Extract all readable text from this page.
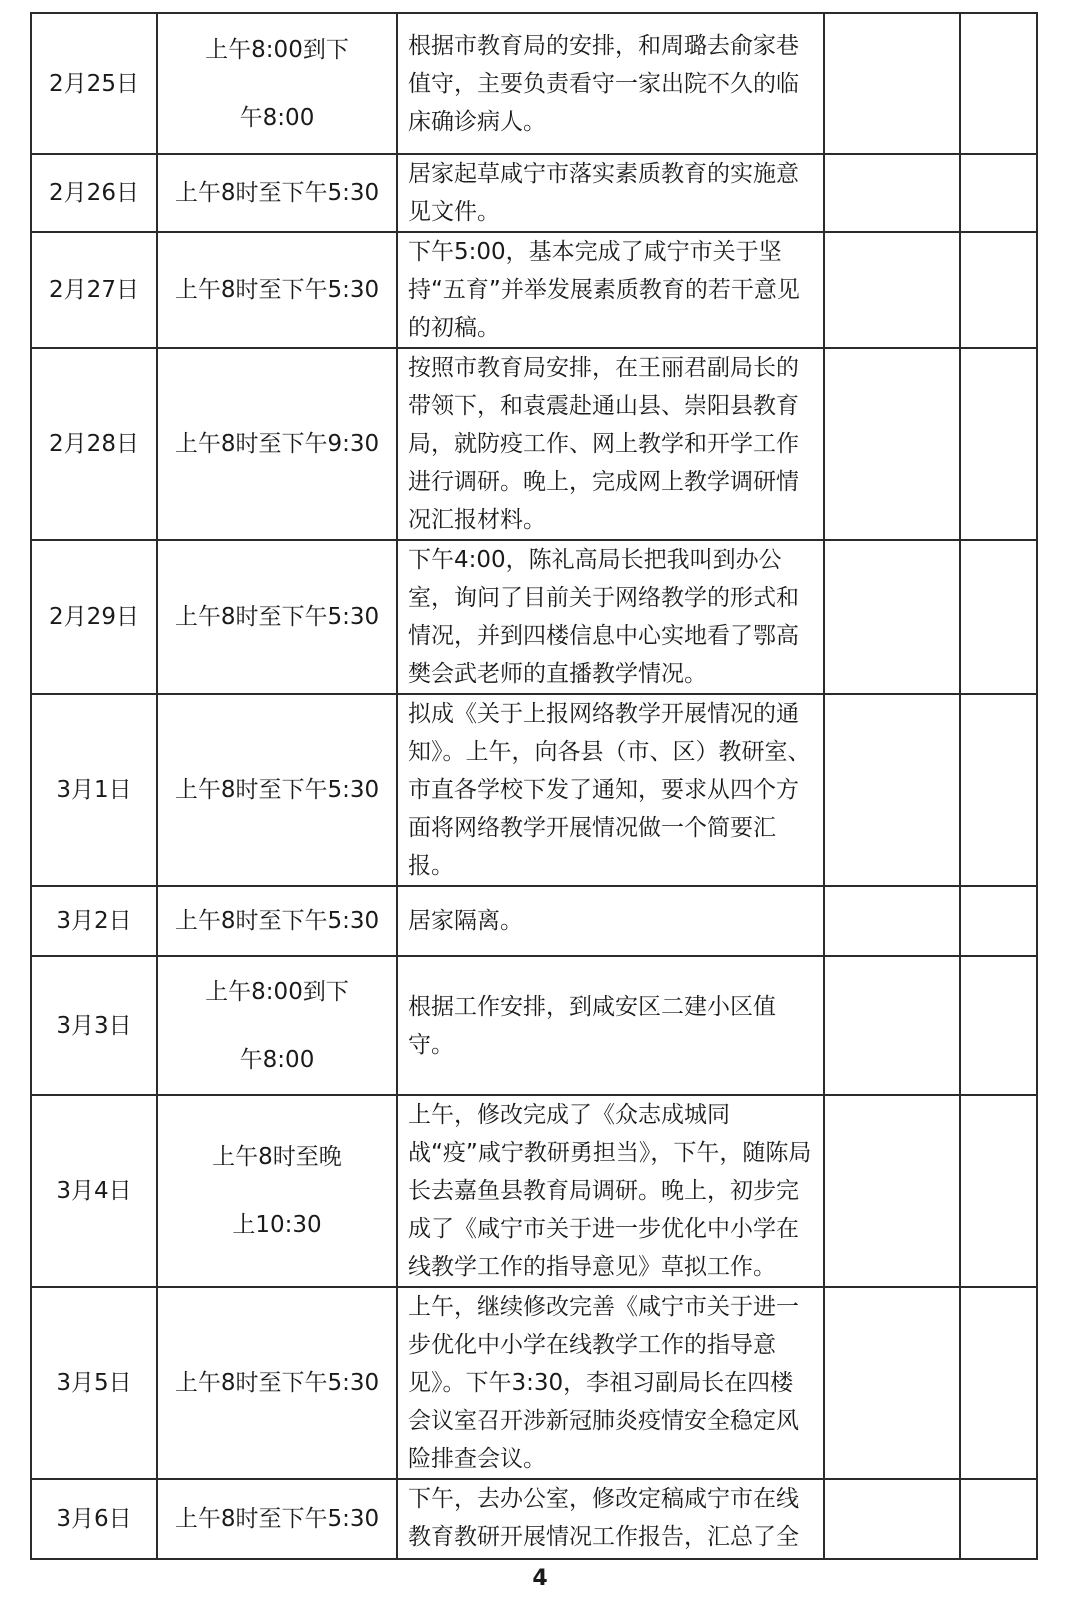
2月25日	上午8:00到下午8:00	根据市教育局的安排，和周璐去俞家巷值守，主要负责看守一家出院不久的临床确诊病人。		
2月26日	上午8时至下午5:30	居家起草咸宁市落实素质教育的实施意见文件。		
2月27日	上午8时至下午5:30	下午5:00，基本完成了咸宁市关于坚持“五育”并举发展素质教育的若干意见的初稿。		
2月28日	上午8时至下午9:30	按照市教育局安排，在王丽君副局长的带领下，和袁震赴通山县、崇阳县教育局，就防疫工作、网上教学和开学工作进行调研。晚上，完成网上教学调研情况汇报材料。		
2月29日	上午8时至下午5:30	下午4:00，陈礼高局长把我叫到办公室，询问了目前关于网络教学的形式和情况，并到四楼信息中心实地看了鄂高樊会武老师的直播教学情况。		
3月1日	上午8时至下午5:30	拟成《关于上报网络教学开展情况的通知》。上午，向各县（市、区）教研室、市直各学校下发了通知，要求从四个方面将网络教学开展情况做一个简要汇报。		
3月2日	上午8时至下午5:30	居家隔离。		
3月3日	上午8:00到下午8:00	根据工作安排，到咸安区二建小区值守。		
3月4日	上午8时至晚上10:30	上午，修改完成了《众志成城同战“疫”咸宁教研勇担当》，下午，随陈局长去嘉鱼县教育局调研。晚上，初步完成了《咸宁市关于进一步优化中小学在线教学工作的指导意见》草拟工作。		
3月5日	上午8时至下午5:30	上午，继续修改完善《咸宁市关于进一步优化中小学在线教学工作的指导意见》。下午3:30，李祖习副局长在四楼会议室召开涉新冠肺炎疫情安全稳定风险排查会议。		
3月6日	上午8时至下午5:30	下午，去办公室，修改定稿咸宁市在线教育教研开展情况工作报告，汇总了全		
4
